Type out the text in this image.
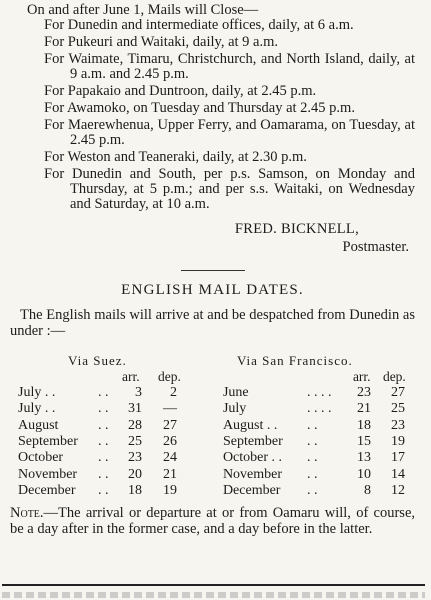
On and after June 1, Mails will Close—
For Dunedin and intermediate offices, daily, at 6 a.m.
For Pukeuri and Waitaki, daily, at 9 a.m.
For Waimate, Timaru, Christchurch, and North Island, daily, at 9 a.m. and 2.45 p.m.
For Papakaio and Duntroon, daily, at 2.45 p.m.
For Awamoko, on Tuesday and Thursday at 2.45 p.m.
For Maerewhenua, Upper Ferry, and Oamarama, on Tuesday, at 2.45 p.m.
For Weston and Teaneraki, daily, at 2.30 p.m.
For Dunedin and South, per p.s. Samson, on Monday and Thursday, at 5 p.m.; and per s.s. Waitaki, on Wednesday and Saturday, at 10 a.m.
FRED. BICKNELL,
Postmaster.
ENGLISH MAIL DATES.
The English mails will arrive at and be despatched from Dunedin as under :—
Via Suez.
arr. dep.
July . .	. .	3	2
July . .	. .	31	—
August	. .	28	27
September . .	25	26
October . .	23	24
November . .	20	21
December . .	18	19
Via San Francisco.
arr. dep.
June	. . . .	23	27
July	. . . .	21	25
August . . . .	18	23
September . .	15	19
October . . . .	13	17
November . .	10	14
December . .	8	12
Note.—The arrival or departure at or from Oamaru will, of course, be a day after in the former case, and a day before in the latter.
